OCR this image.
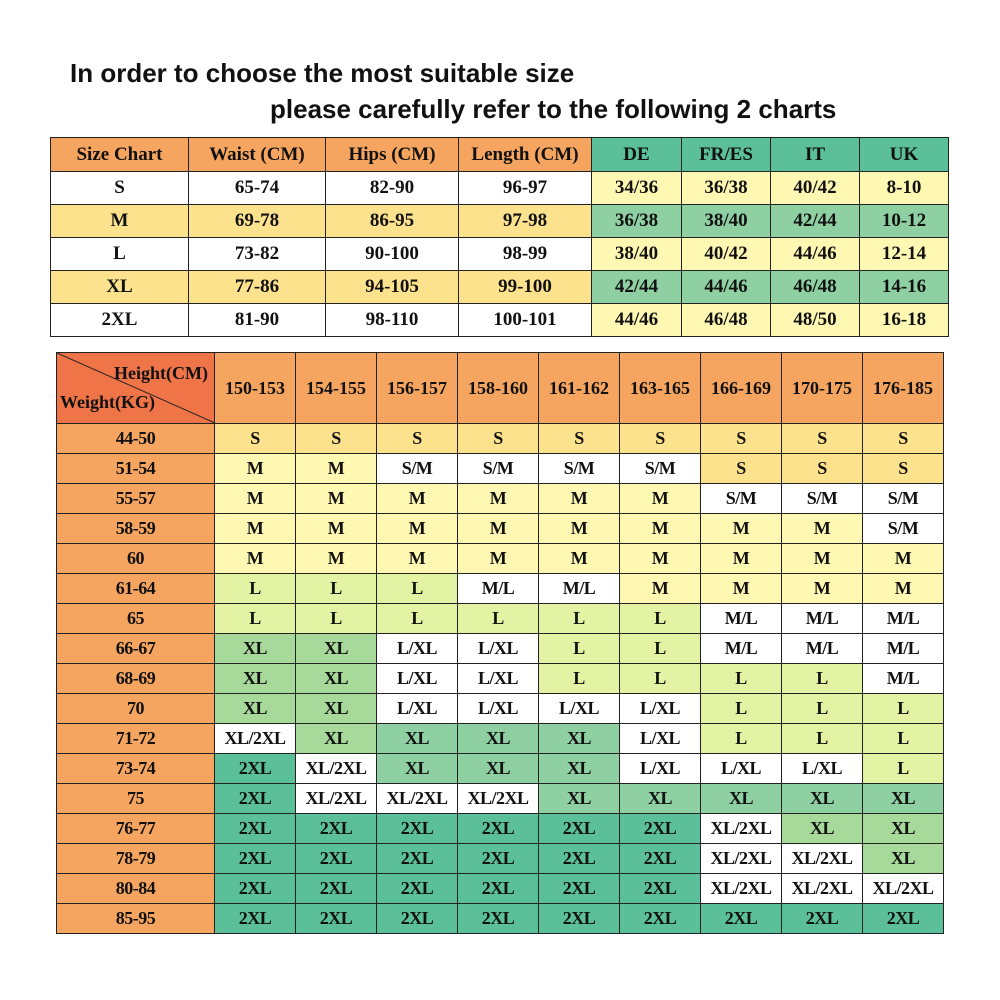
In order to choose the most suitable size
please carefully refer to the following 2 charts
Size Chart	Waist (CM)	Hips (CM)	Length (CM)	DE	FR/ES	IT	UK
S	65-74	82-90	96-97	34/36	36/38	40/42	8-10
M	69-78	86-95	97-98	36/38	38/40	42/44	10-12
L	73-82	90-100	98-99	38/40	40/42	44/46	12-14
XL	77-86	94-105	99-100	42/44	44/46	46/48	14-16
2XL	81-90	98-110	100-101	44/46	46/48	48/50	16-18
Height(CM)
Weight(KG)	150-153	154-155	156-157	158-160	161-162	163-165	166-169	170-175	176-185
44-50	S	S	S	S	S	S	S	S	S
51-54	M	M	S/M	S/M	S/M	S/M	S	S	S
55-57	M	M	M	M	M	M	S/M	S/M	S/M
58-59	M	M	M	M	M	M	M	M	S/M
60	M	M	M	M	M	M	M	M	M
61-64	L	L	L	M/L	M/L	M	M	M	M
65	L	L	L	L	L	L	M/L	M/L	M/L
66-67	XL	XL	L/XL	L/XL	L	L	M/L	M/L	M/L
68-69	XL	XL	L/XL	L/XL	L	L	L	L	M/L
70	XL	XL	L/XL	L/XL	L/XL	L/XL	L	L	L
71-72	XL/2XL	XL	XL	XL	XL	L/XL	L	L	L
73-74	2XL	XL/2XL	XL	XL	XL	L/XL	L/XL	L/XL	L
75	2XL	XL/2XL	XL/2XL	XL/2XL	XL	XL	XL	XL	XL
76-77	2XL	2XL	2XL	2XL	2XL	2XL	XL/2XL	XL	XL
78-79	2XL	2XL	2XL	2XL	2XL	2XL	XL/2XL	XL/2XL	XL
80-84	2XL	2XL	2XL	2XL	2XL	2XL	XL/2XL	XL/2XL	XL/2XL
85-95	2XL	2XL	2XL	2XL	2XL	2XL	2XL	2XL	2XL
